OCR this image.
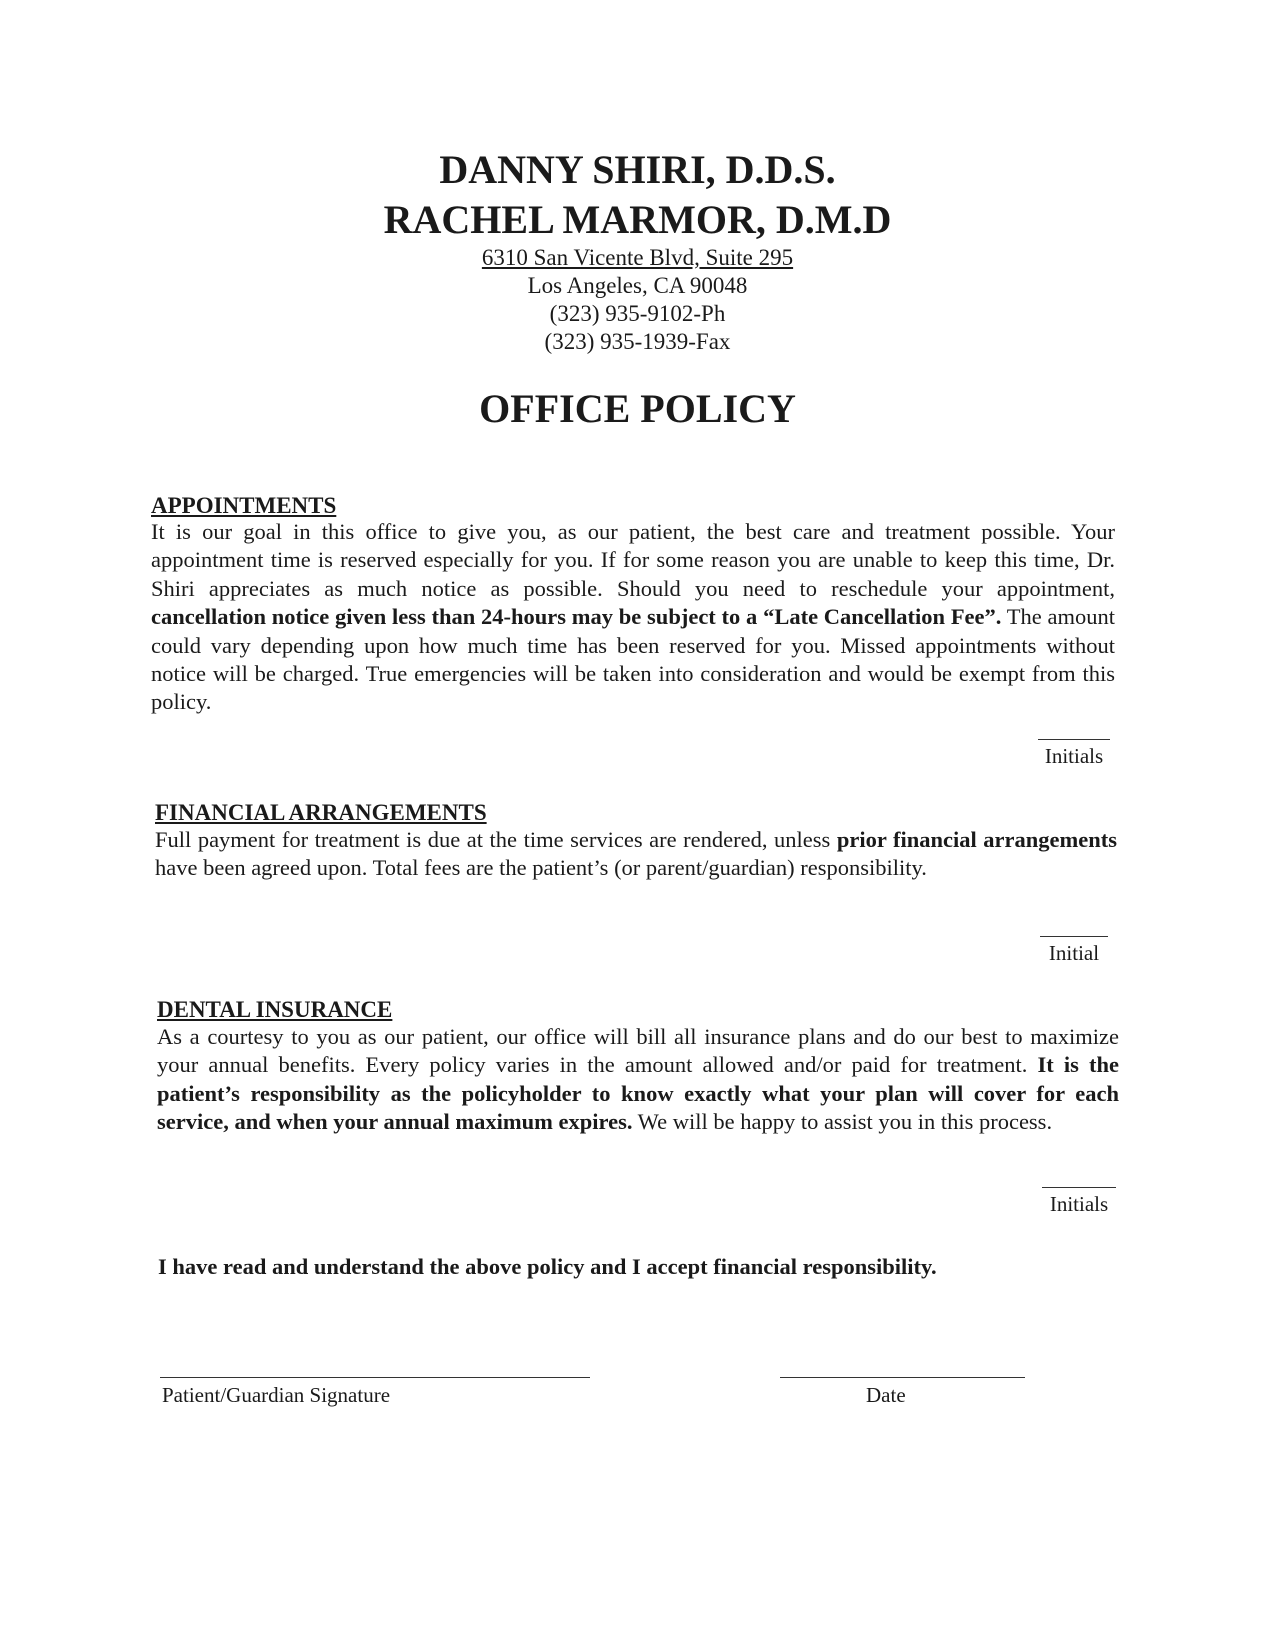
DANNY SHIRI, D.D.S.
RACHEL MARMOR, D.M.D
6310 San Vicente Blvd, Suite 295
Los Angeles, CA 90048
(323) 935-9102-Ph
(323) 935-1939-Fax
OFFICE POLICY
APPOINTMENTS

It is our goal in this office to give you, as our patient, the best care and treatment possible. Your appointment time is reserved especially for you. If for some reason you are unable to keep this time, Dr. Shiri appreciates as much notice as possible. Should you need to reschedule your appointment, cancellation notice given less than 24-hours may be subject to a “Late Cancellation Fee”. The amount could vary depending upon how much time has been reserved for you. Missed appointments without notice will be charged. True emergencies will be taken into consideration and would be exempt from this policy.

Initials
FINANCIAL ARRANGEMENTS

Full payment for treatment is due at the time services are rendered, unless prior financial arrangements have been agreed upon. Total fees are the patient’s (or parent/guardian) responsibility.

Initial
DENTAL INSURANCE

As a courtesy to you as our patient, our office will bill all insurance plans and do our best to maximize your annual benefits. Every policy varies in the amount allowed and/or paid for treatment. It is the patient’s responsibility as the policyholder to know exactly what your plan will cover for each service, and when your annual maximum expires. We will be happy to assist you in this process.

Initials
I have read and understand the above policy and I accept financial responsibility.
Patient/Guardian Signature	Date
